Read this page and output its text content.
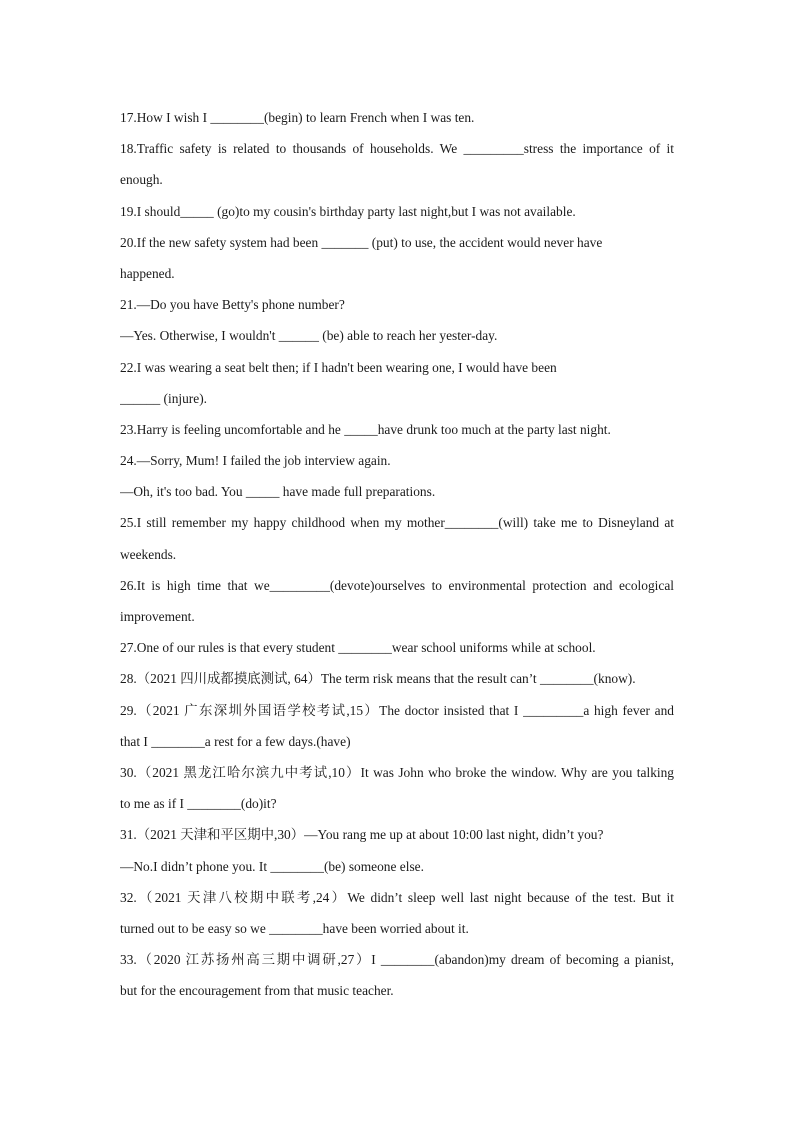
17.How I wish I ________(begin) to learn French when I was ten.
18.Traffic safety is related to thousands of households. We _________stress the importance of it
enough.
19.I should_____ (go)to my cousin's birthday party last night,but I was not available.
20.If the new safety system had been _______ (put) to use, the accident would never have
happened.
21.—Do you have Betty's phone number?
—Yes. Otherwise, I wouldn't ______ (be) able to reach her yester-day.
22.I was wearing a seat belt then; if I hadn't been wearing one, I would have been
______ (injure).
23.Harry is feeling uncomfortable and he _____have drunk too much at the party last night.
24.—Sorry, Mum! I failed the job interview again.
—Oh, it's too bad. You _____ have made full preparations.
25.I still remember my happy childhood when my mother________(will) take me to Disneyland at
weekends.
26.It is high time that we_________(devote)ourselves to environmental protection and ecological
improvement.
27.One of our rules is that every student ________wear school uniforms while at school.
28.（2021 四川成都摸底测试, 64）The term risk means that the result can’t ________(know).
29.（2021 广东深圳外国语学校考试,15）The doctor insisted that I _________a high fever and
that I ________a rest for a few days.(have)
30.（2021 黑龙江哈尔滨九中考试,10）It was John who broke the window. Why are you talking
to me as if I ________(do)it?
31.（2021 天津和平区期中,30）—You rang me up at about 10:00 last night, didn’t you?
—No.I didn’t phone you. It ________(be) someone else.
32.（2021 天津八校期中联考,24）We didn’t sleep well last night because of the test. But it
turned out to be easy so we ________have been worried about it.
33.（2020 江苏扬州高三期中调研,27）I ________(abandon)my dream of becoming a pianist,
but for the encouragement from that music teacher.
